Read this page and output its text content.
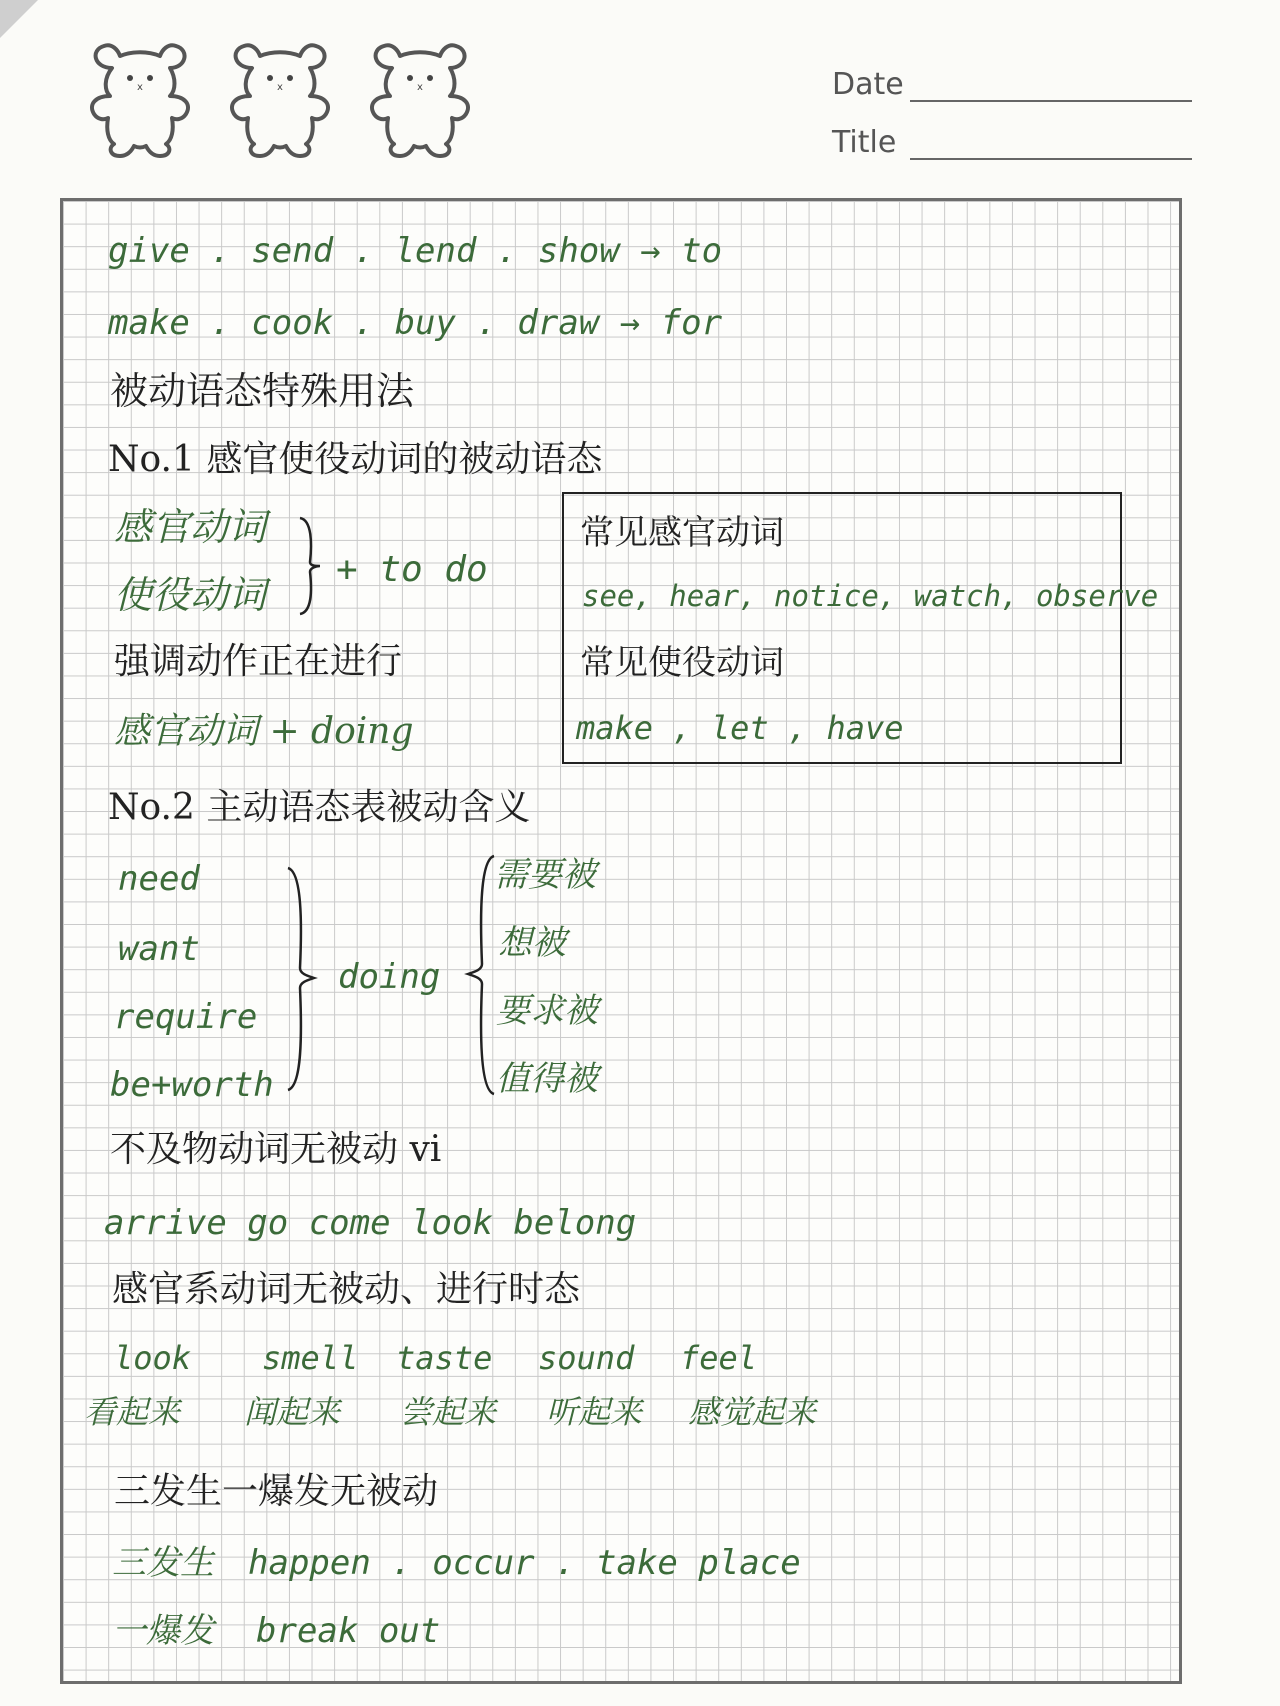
x	x	x	Date
Title
give . send . lend . show → to
make . cook . buy . draw → for
被动语态特殊用法
No.1 感官使役动词的被动语态
感官动词
使役动词
+ to do
强调动作正在进行
感官动词 + doing
常见感官动词
see, hear, notice, watch, observe
常见使役动词
make , let , have
No.2 主动语态表被动含义
need
want
require
be+worth
doing
需要被
想被
要求被
值得被
不及物动词无被动 vi
arrive go come look belong
感官系动词无被动、进行时态
look smell taste sound feel
看起来 闻起来 尝起来 听起来 感觉起来
三发生一爆发无被动
三发生 happen . occur . take place
一爆发 break out
